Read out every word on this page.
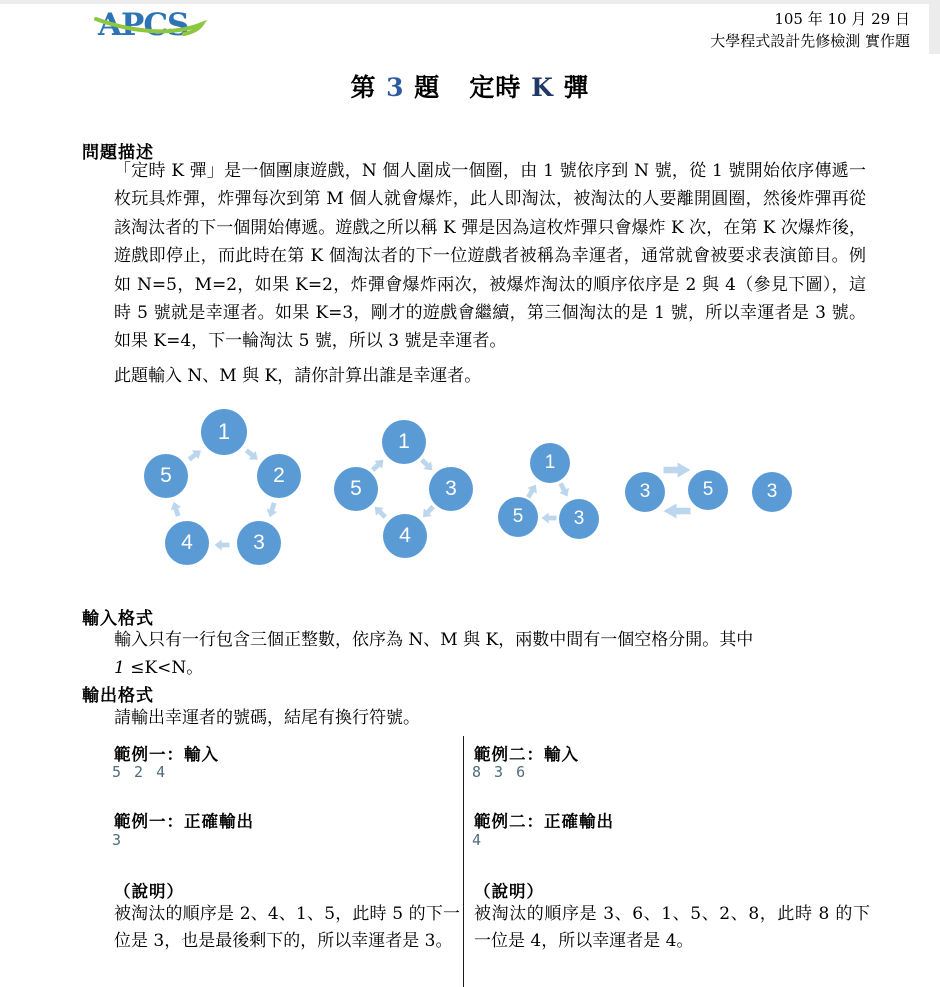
APCS	105 年 10 月 29 日
大學程式設計先修檢測 實作題
第 3 題   定時 K 彈
問題描述
「定時 K 彈」是一個團康遊戲，N 個人圍成一個圈，由 1 號依序到 N 號，從 1 號開始依序傳遞一枚玩具炸彈，炸彈每次到第 M 個人就會爆炸，此人即淘汰，被淘汰的人要離開圓圈，然後炸彈再從該淘汰者的下一個開始傳遞。遊戲之所以稱 K 彈是因為這枚炸彈只會爆炸 K 次，在第 K 次爆炸後，遊戲即停止，而此時在第 K 個淘汰者的下一位遊戲者被稱為幸運者，通常就會被要求表演節目。例如 N=5，M=2，如果 K=2，炸彈會爆炸兩次，被爆炸淘汰的順序依序是 2 與 4（參見下圖），這時 5 號就是幸運者。如果 K=3，剛才的遊戲會繼續，第三個淘汰的是 1 號，所以幸運者是 3 號。如果 K=4，下一輪淘汰 5 號，所以 3 號是幸運者。
此題輸入 N、M 與 K，請你計算出誰是幸運者。
1
2
3
4
5
1
3
4
5
1
5	3
3	5	3
輸入格式
輸入只有一行包含三個正整數，依序為 N、M 與 K，兩數中間有一個空格分開。其中
1 ≤K<N。
輸出格式
請輸出幸運者的號碼，結尾有換行符號。
範例一：輸入
5 2 4
範例一：正確輸出
3
（說明）
被淘汰的順序是 2、4、1、5，此時 5 的下一位是 3，也是最後剩下的，所以幸運者是 3。
範例二：輸入
8 3 6
範例二：正確輸出
4
（說明）
被淘汰的順序是 3、6、1、5、2、8，此時 8 的下一位是 4，所以幸運者是 4。
